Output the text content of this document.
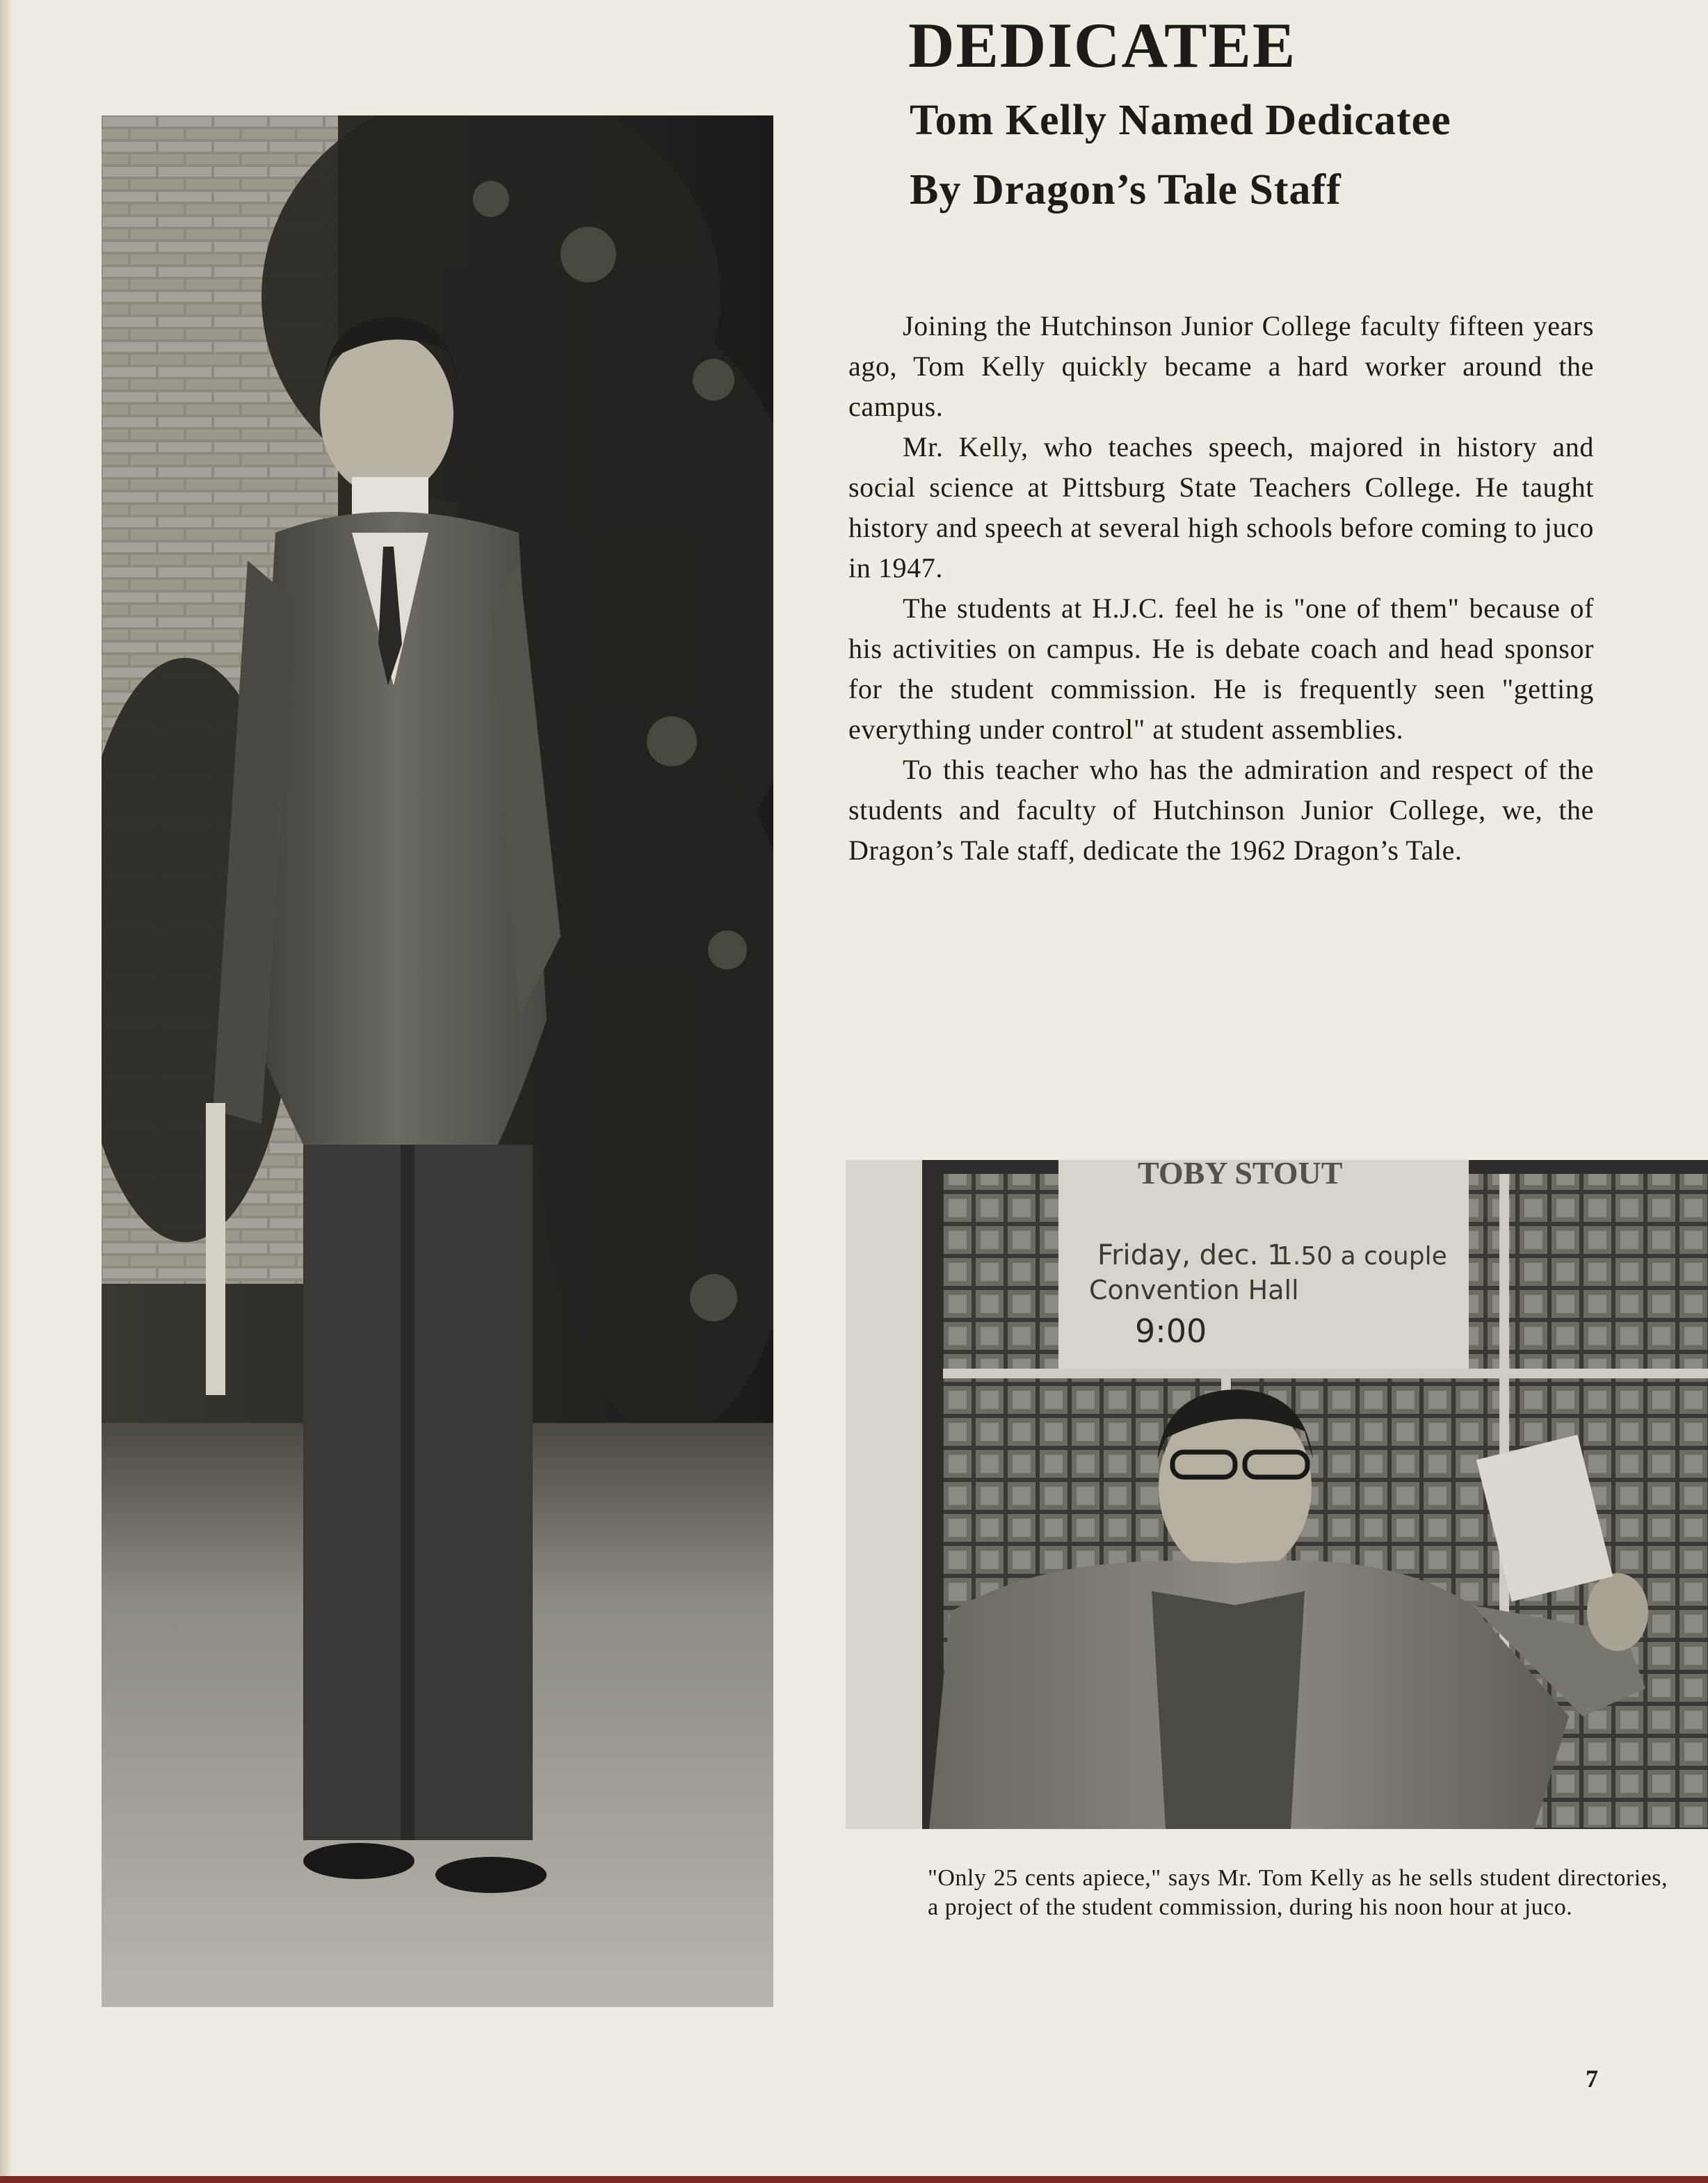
DEDICATEE
Tom Kelly Named Dedicatee
By Dragon’s Tale Staff

Joining the Hutchinson Junior College faculty fifteen years ago, Tom Kelly quickly became a hard worker around the campus.

Mr. Kelly, who teaches speech, majored in history and social science at Pittsburg State Teachers College. He taught history and speech at several high schools before coming to juco in 1947.

The students at H.J.C. feel he is "one of them" because of his activities on campus. He is debate coach and head sponsor for the student commission. He is frequently seen "getting everything under control" at student assemblies.

To this teacher who has the admiration and respect of the students and faculty of Hutchinson Junior College, we, the Dragon’s Tale staff, dedicate the 1962 Dragon’s Tale.

TOBY STOUT
Friday, dec. 1
1.50 a couple
Convention Hall
9:00
"Only 25 cents apiece," says Mr. Tom Kelly as he sells student directories, a project of the student commission, during his noon hour at juco.
7
